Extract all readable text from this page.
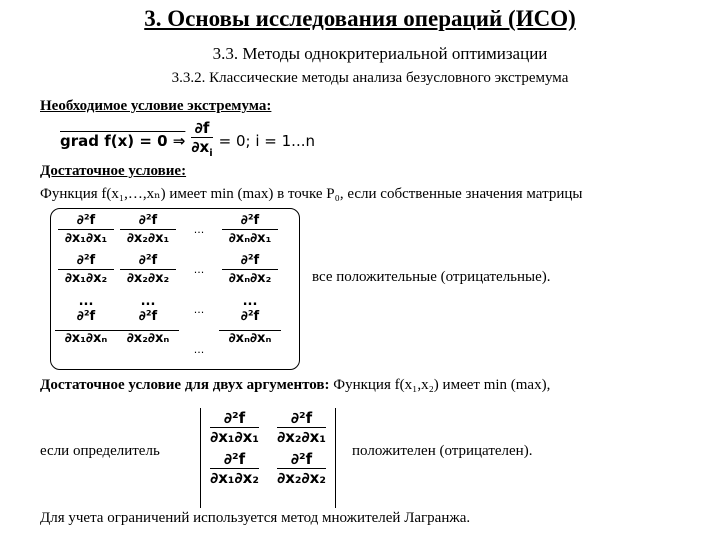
3. Основы исследования операций (ИСО)
3.3. Методы однокритериальной оптимизации
3.3.2. Классические методы анализа безусловного экстремума
Необходимое условие экстремума:
grad f(x) = 0 ⇒ $\frac{\partial f}{\partial x_i} = 0$; i = 1...n
Достаточное условие:
Функция f(x₁,…,xₙ) имеет min (max) в точке P₀, если собственные значения матрицы
∂²f
∂x₁∂x₁
∂²f
∂x₂∂x₁
...
∂²f
∂xₙ∂x₁
∂²f
∂x₁∂x₂
∂²f
∂x₂∂x₂
...
∂²f
∂xₙ∂x₂
...
∂²f
...
∂²f	...	...
∂²f
∂x₁∂xₙ ∂x₂∂xₙ
...
∂xₙ∂xₙ
все положительные (отрицательные).
Достаточное условие для двух аргументов: Функция f(x₁,x₂) имеет min (max),
если определитель
$\frac{\text{∂²f}}{\text{∂x₁∂x₁}} \frac{\text{∂²f}}{\text{∂x₂∂x₁}}$
$\frac{\text{∂²f}}{\text{∂x₁∂x₂}} \frac{\text{∂²f}}{\text{∂x₂∂x₂}}$ положителен (отрицателен).
Для учета ограничений используется метод множителей Лагранжа.
